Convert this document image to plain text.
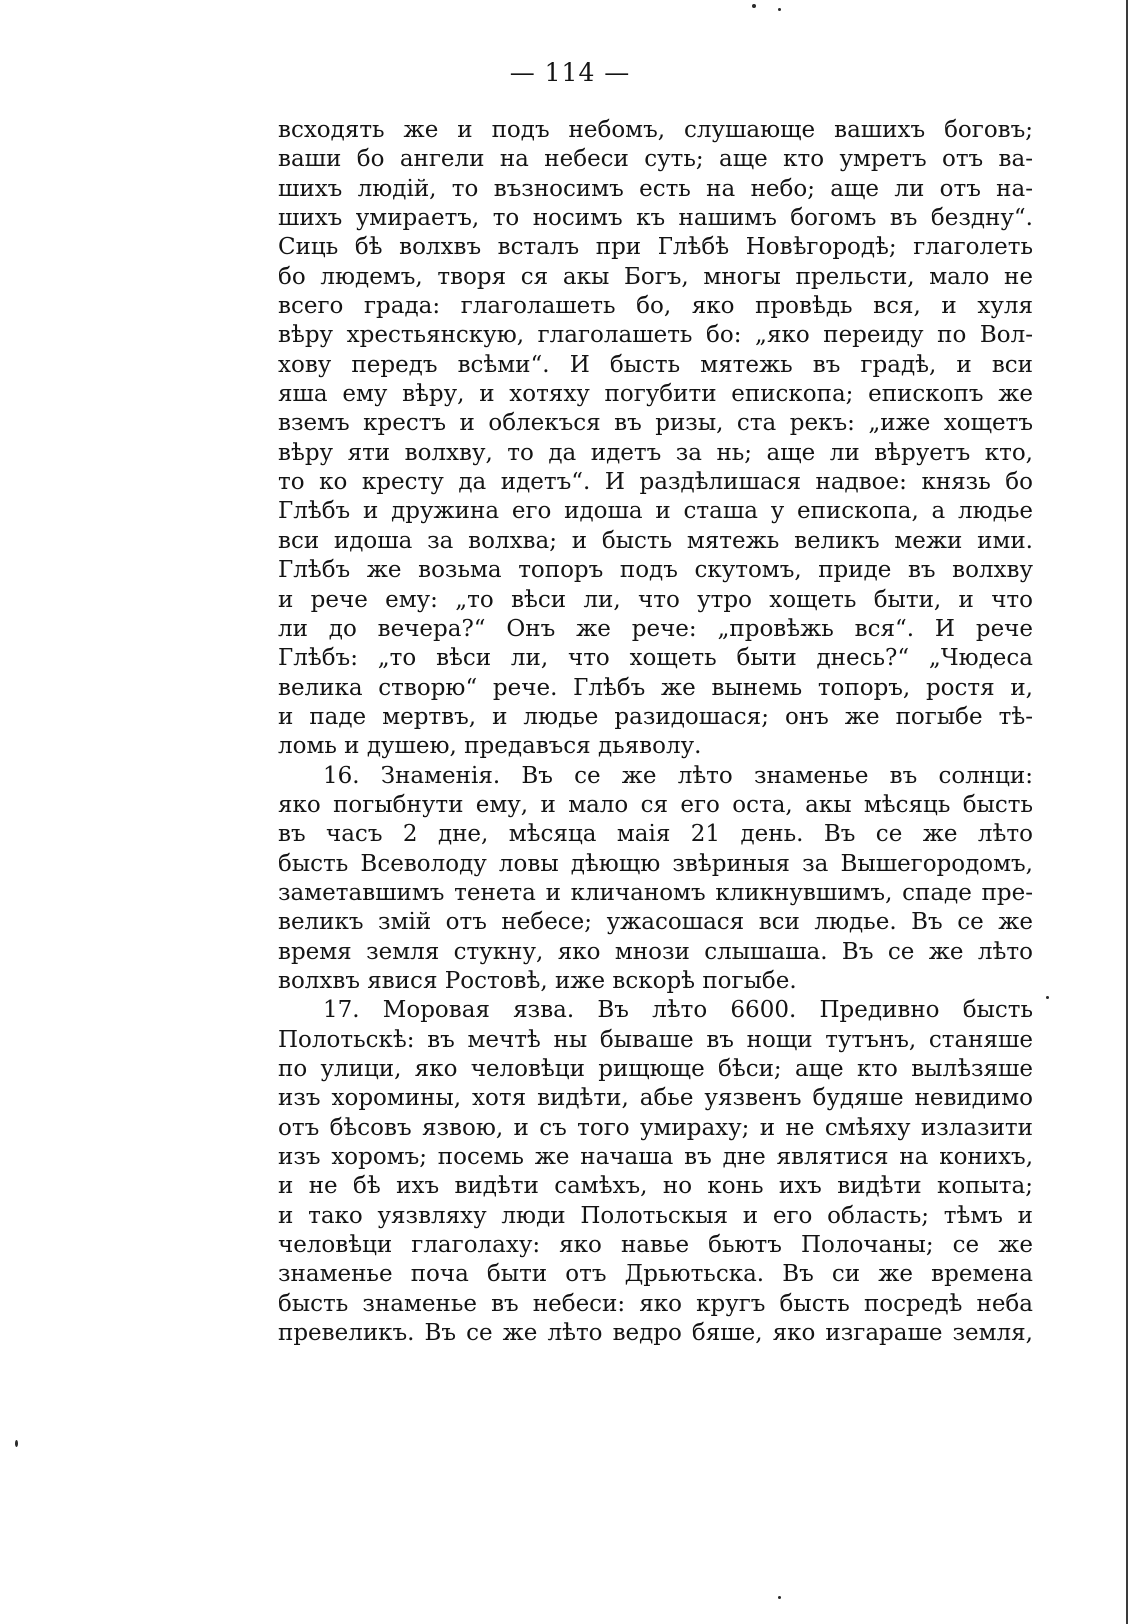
— 114 —
всходять же и подъ небомъ, слушающе вашихъ боговъ;
ваши бо ангели на небеси суть; аще кто умретъ отъ ва-
шихъ людій, то възносимъ есть на небо; аще ли отъ на-
шихъ умираетъ, то носимъ къ нашимъ богомъ въ бездну“.
Сиць бѣ волхвъ всталъ при Глѣбѣ Новѣгородѣ; глаголеть
бо людемъ, творя ся акы Богъ, многы прельсти, мало не
всего града: глаголашеть бо, яко провѣдь вся, и хуля
вѣру хрестьянскую, глаголашеть бо: „яко переиду по Вол-
хову передъ всѣми“. И бысть мятежь въ градѣ, и вси
яша ему вѣру, и хотяху погубити епископа; епископъ же
вземъ крестъ и облекъся въ ризы, ста рекъ: „иже хощетъ
вѣру яти волхву, то да идетъ за нь; аще ли вѣруетъ кто,
то ко кресту да идетъ“. И раздѣлишася надвое: князь бо
Глѣбъ и дружина его идоша и сташа у епископа, а людье
вси идоша за волхва; и бысть мятежь великъ межи ими.
Глѣбъ же возьма топоръ подъ скутомъ, приде въ волхву
и рече ему: „то вѣси ли, что утро хощеть быти, и что
ли до вечера?“ Онъ же рече: „провѣжь вся“. И рече
Глѣбъ: „то вѣси ли, что хощеть быти днесь?“ „Чюдеса
велика створю“ рече. Глѣбъ же вынемь топоръ, ростя и,
и паде мертвъ, и людье разидошася; онъ же погыбе тѣ-
ломь и душею, предавъся дьяволу.
16. Знаменія. Въ се же лѣто знаменье въ солнци:
яко погыбнути ему, и мало ся его оста, акы мѣсяць бысть
въ часъ 2 дне, мѣсяца маія 21 день. Въ се же лѣто
бысть Всеволоду ловы дѣющю звѣриныя за Вышегородомъ,
заметавшимъ тенета и кличаномъ кликнувшимъ, спаде пре-
великъ змій отъ небесе; ужасошася вси людье. Въ се же
время земля стукну, яко мнози слышаша. Въ се же лѣто
волхвъ явися Ростовѣ, иже вскорѣ погыбе.
17. Моровая язва. Въ лѣто 6600. Предивно бысть
Полотьскѣ: въ мечтѣ ны бываше въ нощи тутънъ, станяше
по улици, яко человѣци рищюще бѣси; аще кто вылѣзяше
изъ хоромины, хотя видѣти, абье уязвенъ будяше невидимо
отъ бѣсовъ язвою, и съ того умираху; и не смѣяху излазити
изъ хоромъ; посемь же начаша въ дне являтися на конихъ,
и не бѣ ихъ видѣти самѣхъ, но конь ихъ видѣти копыта;
и тако уязвляху люди Полотьскыя и его область; тѣмъ и
человѣци глаголаху: яко навье бьютъ Полочаны; се же
знаменье поча быти отъ Дрьютьска. Въ си же времена
бысть знаменье въ небеси: яко кругъ бысть посредѣ неба
превеликъ. Въ се же лѣто ведро бяше, яко изгараше земля,
